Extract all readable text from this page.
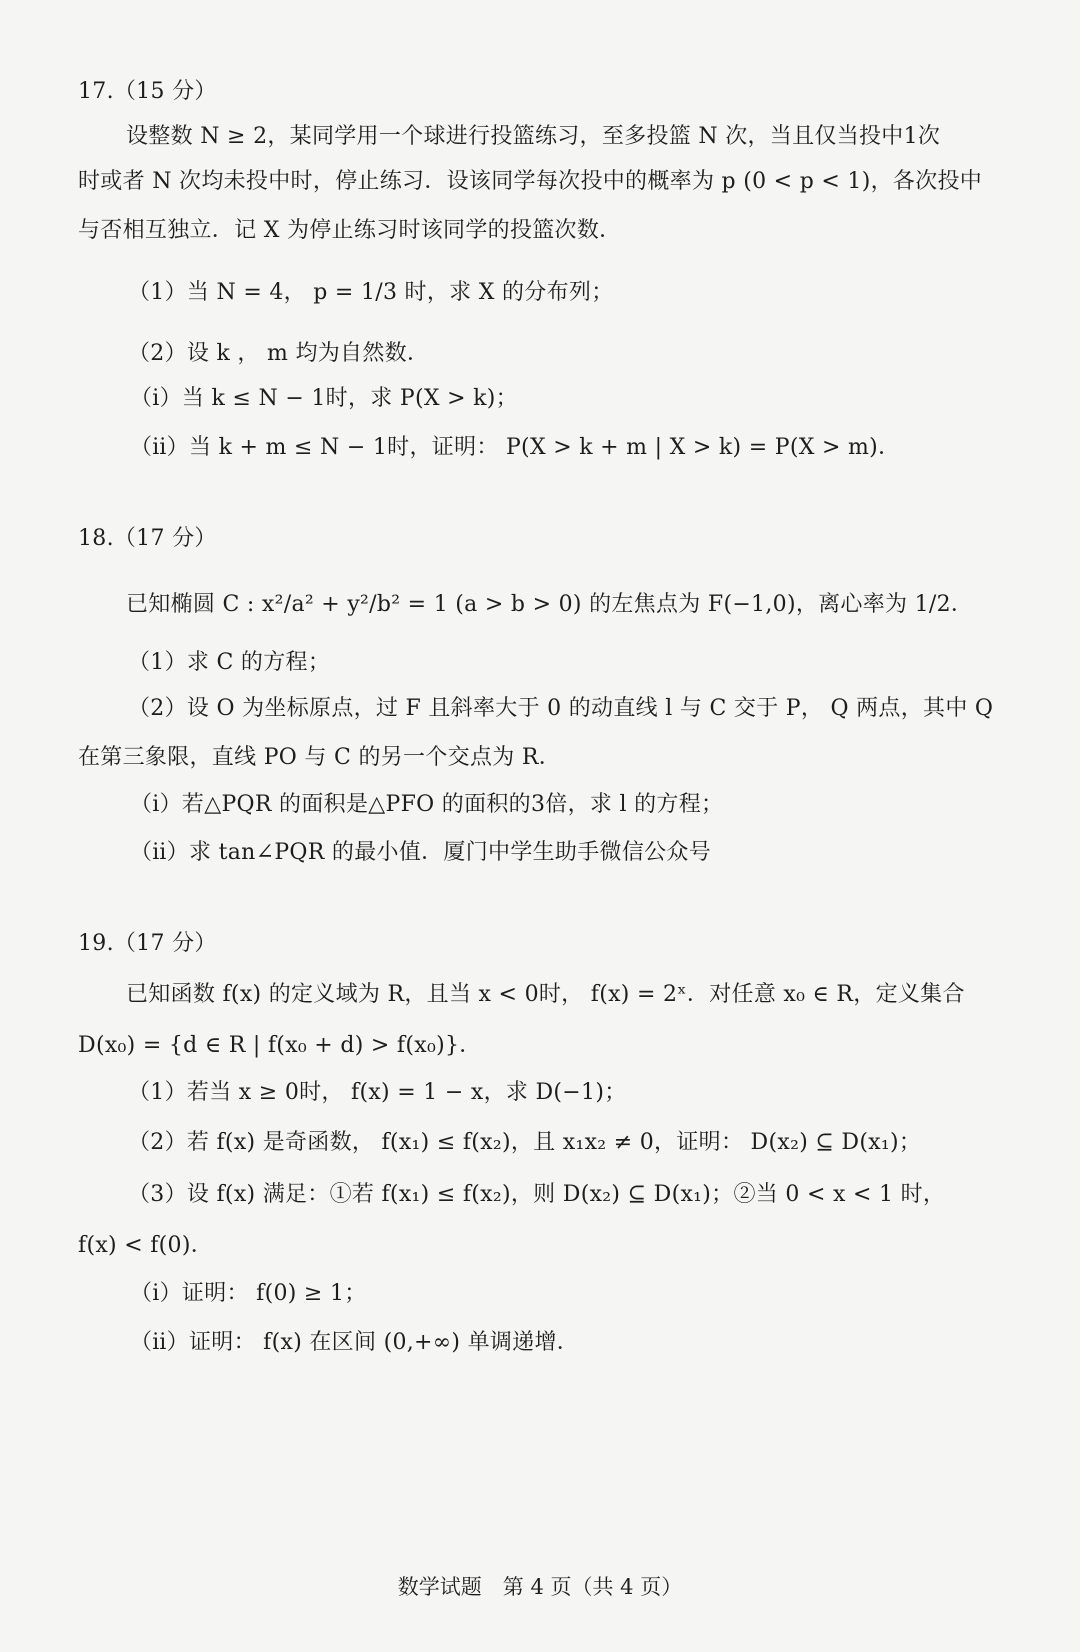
17.（15 分）
设整数 N ≥ 2，某同学用一个球进行投篮练习，至多投篮 N 次，当且仅当投中1次
时或者 N 次均未投中时，停止练习．设该同学每次投中的概率为 p (0 < p < 1)，各次投中
与否相互独立．记 X 为停止练习时该同学的投篮次数．
（1）当 N = 4， p = 1/3 时，求 X 的分布列；
（2）设 k ， m 均为自然数．
（ⅰ）当 k ≤ N − 1时，求 P(X > k)；
（ⅱ）当 k + m ≤ N − 1时，证明： P(X > k + m | X > k) = P(X > m)．
18.（17 分）
已知椭圆 C : x²/a² + y²/b² = 1 (a > b > 0) 的左焦点为 F(−1,0)，离心率为 1/2．
（1）求 C 的方程；
（2）设 O 为坐标原点，过 F 且斜率大于 0 的动直线 l 与 C 交于 P， Q 两点，其中 Q
在第三象限，直线 PO 与 C 的另一个交点为 R．
（ⅰ）若△PQR 的面积是△PFO 的面积的3倍，求 l 的方程；
（ⅱ）求 tan∠PQR 的最小值．厦门中学生助手微信公众号
19.（17 分）
已知函数 f(x) 的定义域为 R，且当 x < 0时， f(x) = 2ˣ．对任意 x₀ ∈ R，定义集合
D(x₀) = {d ∈ R | f(x₀ + d) > f(x₀)}．
（1）若当 x ≥ 0时， f(x) = 1 − x，求 D(−1)；
（2）若 f(x) 是奇函数， f(x₁) ≤ f(x₂)，且 x₁x₂ ≠ 0，证明： D(x₂) ⊆ D(x₁)；
（3）设 f(x) 满足：①若 f(x₁) ≤ f(x₂)，则 D(x₂) ⊆ D(x₁)；②当 0 < x < 1 时，
f(x) < f(0)．
（ⅰ）证明： f(0) ≥ 1；
（ⅱ）证明： f(x) 在区间 (0,+∞) 单调递增．
数学试题　第 4 页（共 4 页）
